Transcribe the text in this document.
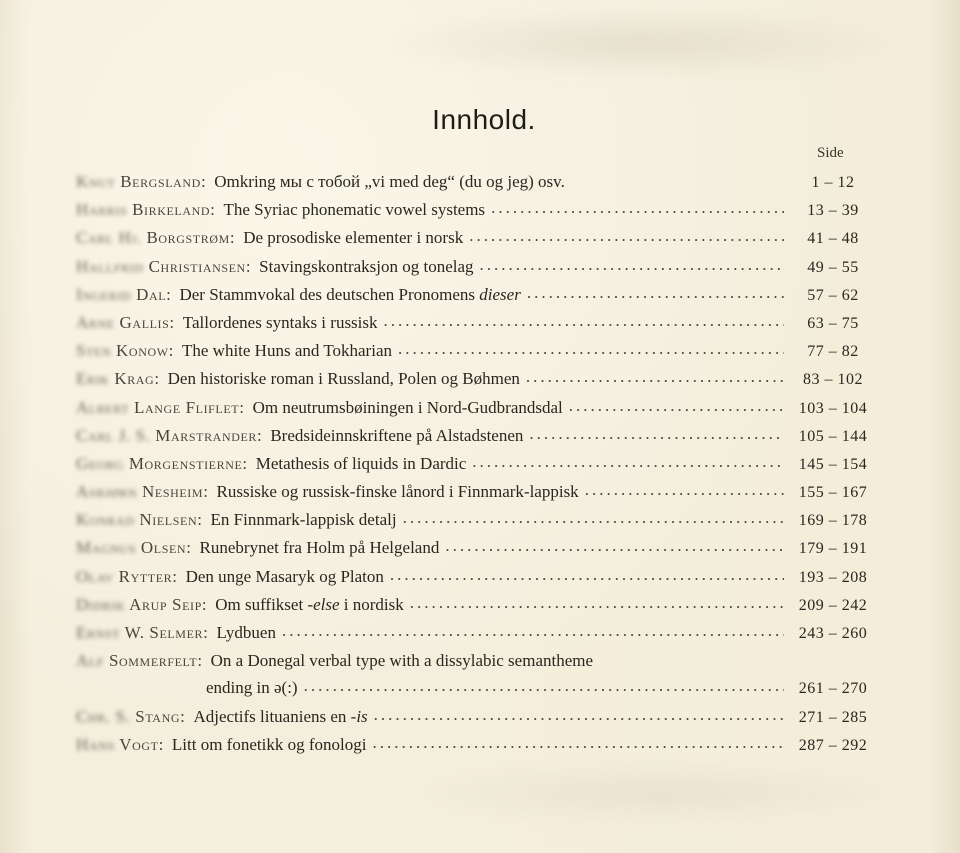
Innhold.
Side
Knut Bergsland: Omkring мы с тобой „vi med deg“ (du og jeg) osv.	1 – 12
Harris Birkeland: The Syriac phonematic vowel systems .....	13 – 39
Carl Hj. Borgstrøm: De prosodiske elementer i norsk .....	41 – 48
Hallfrid Christiansen: Stavingskontraksjon og tonelag .....	49 – 55
Ingerid Dal: Der Stammvokal des deutschen Pronomens dieser .....	57 – 62
Arne Gallis: Tallordenes syntaks i russisk .....	63 – 75
Sten Konow: The white Huns and Tokharian .....	77 – 82
Erik Krag: Den historiske roman i Russland, Polen og Bøhmen .....	83 – 102
Albert Lange Fliflet: Om neutrumsbøiningen i Nord-Gudbrandsdal .....	103 – 104
Carl J. S. Marstrander: Bredsideinnskriftene på Alstadstenen .....	105 – 144
Georg Morgenstierne: Metathesis of liquids in Dardic .....	145 – 154
Asbjørn Nesheim: Russiske og russisk-finske lånord i Finnmark-lappisk .....	155 – 167
Konrad Nielsen: En Finnmark-lappisk detalj .....	169 – 178
Magnus Olsen: Runebrynet fra Holm på Helgeland .....	179 – 191
Olav Rytter: Den unge Masaryk og Platon .....	193 – 208
Didrik Arup Seip: Om suffikset -else i nordisk .....	209 – 242
Ernst W. Selmer: Lydbuen .....	243 – 260
Alf Sommerfelt: On a Donegal verbal type with a dissylabic semantheme
ending in ə(:) .....	261 – 270
Chr. S. Stang: Adjectifs lituaniens en -is .....	271 – 285
Hans Vogt: Litt om fonetikk og fonologi .....	287 – 292
